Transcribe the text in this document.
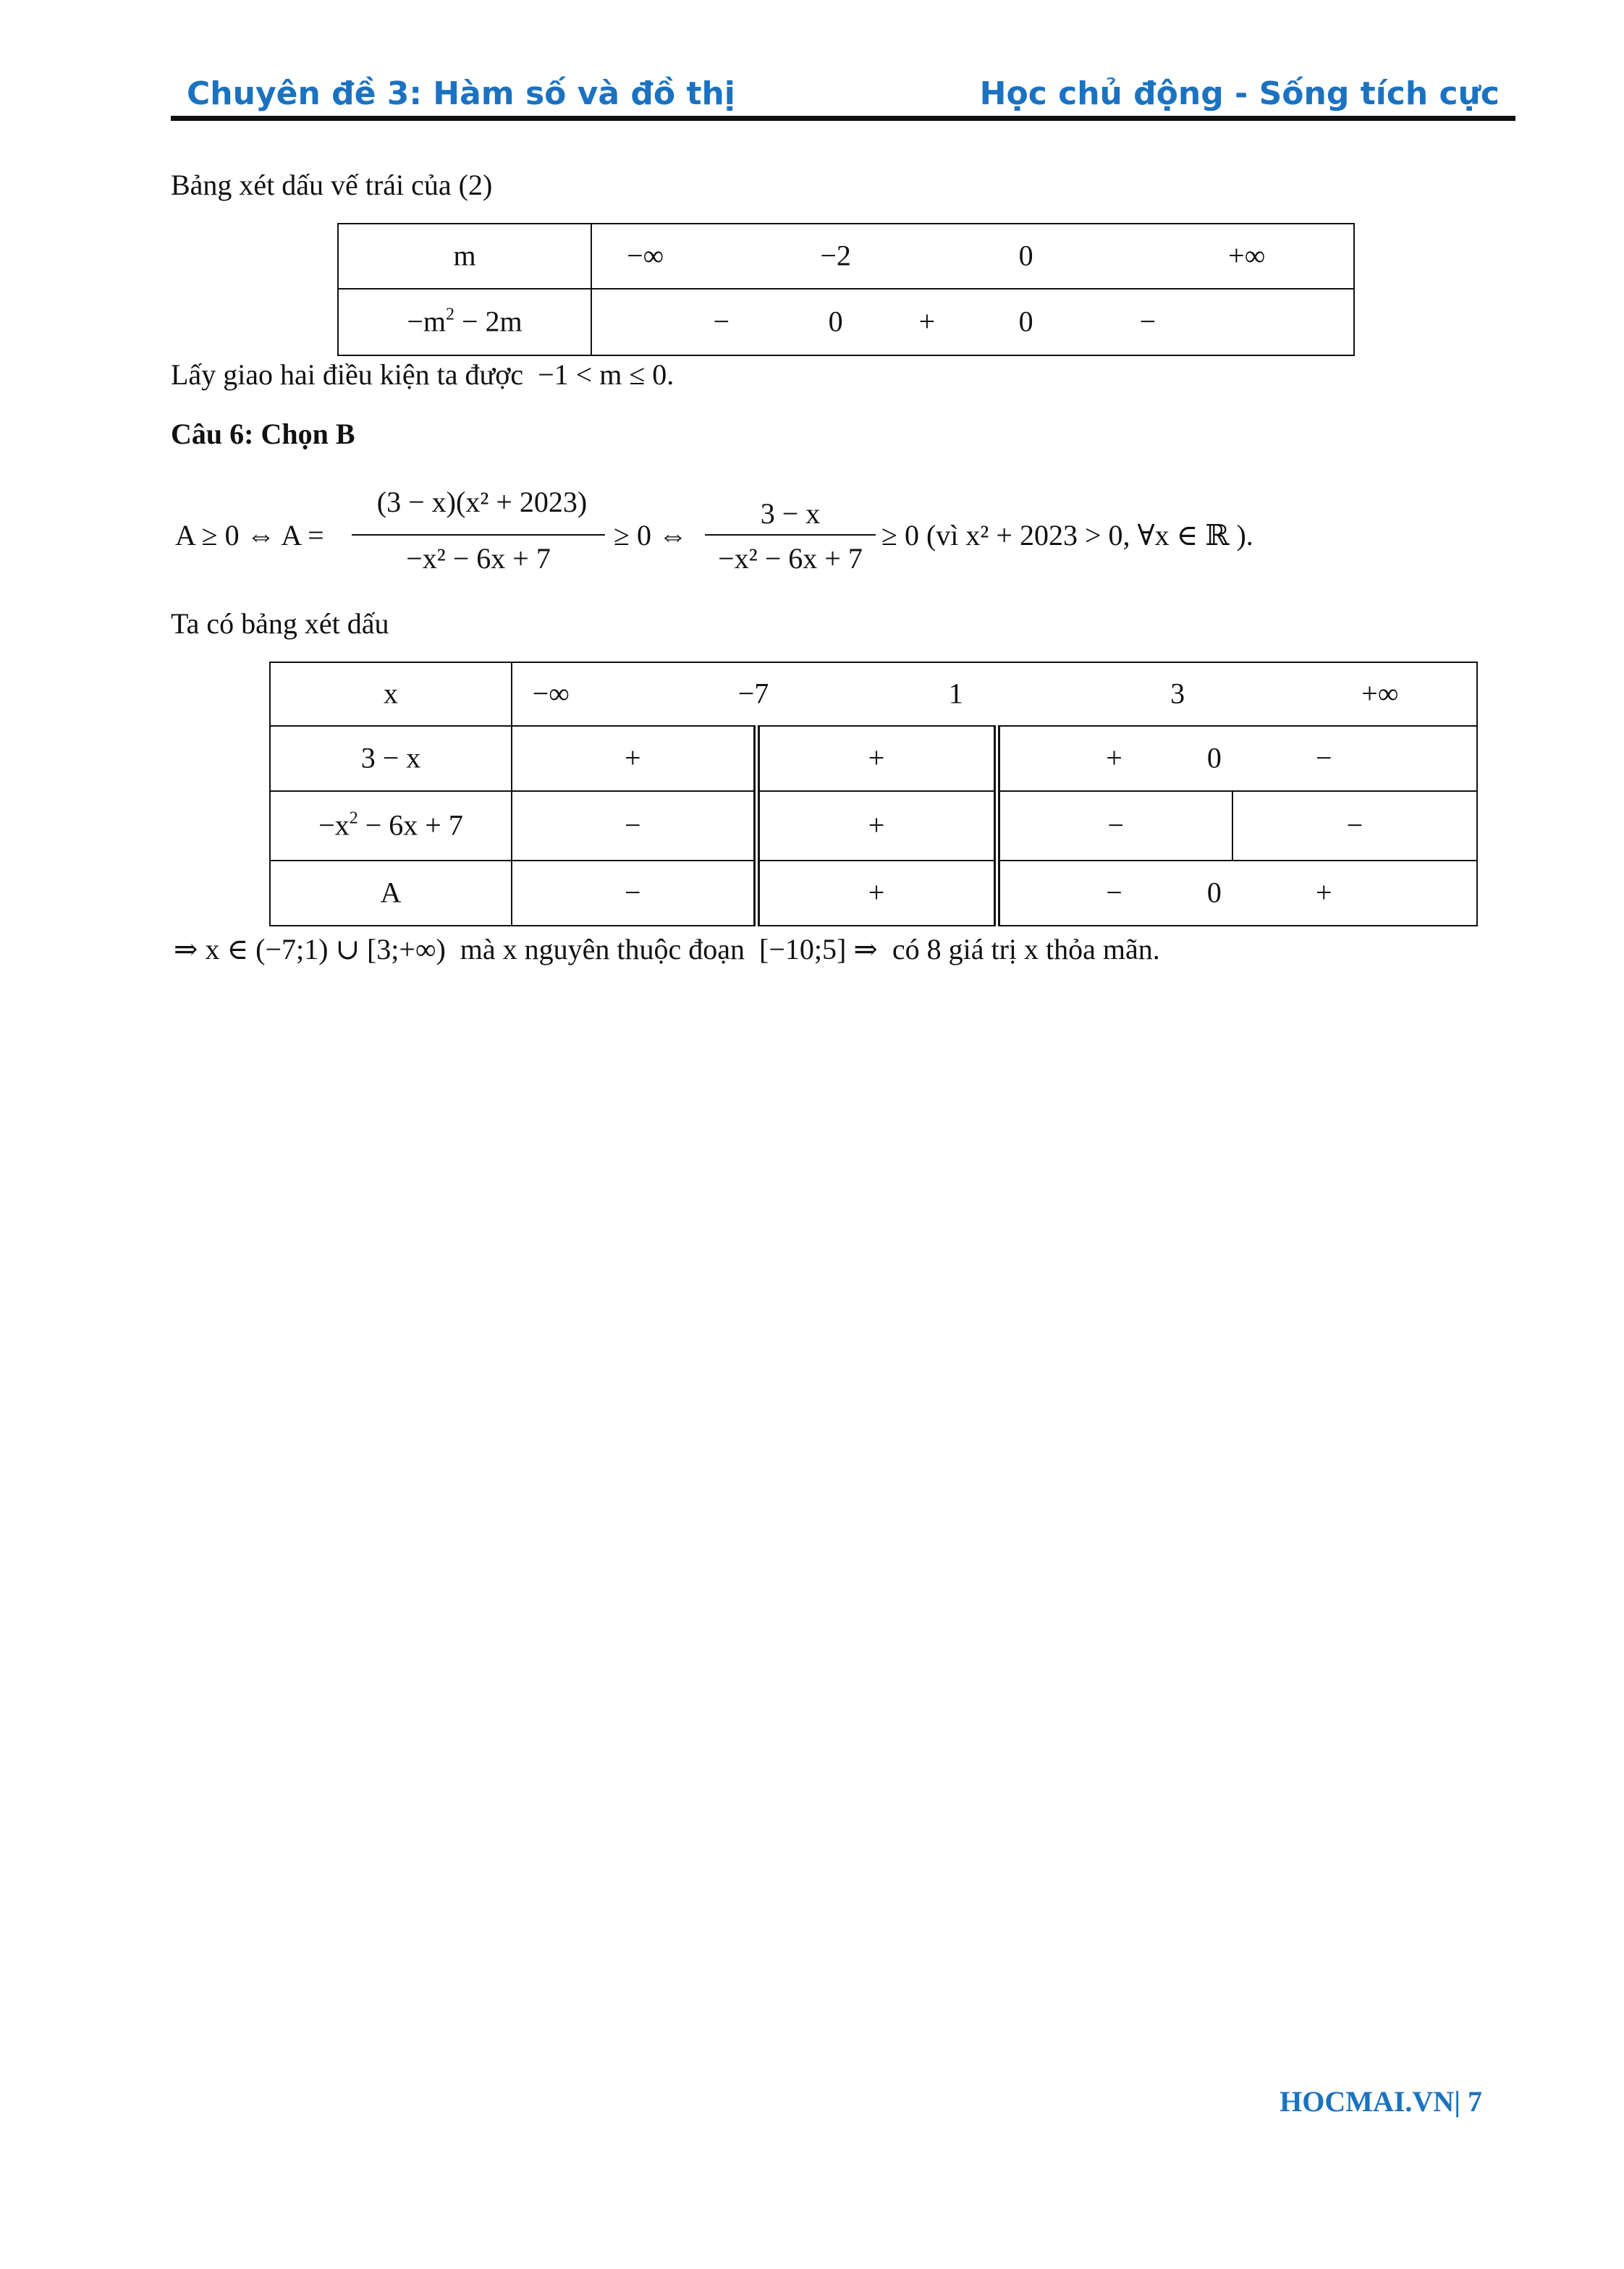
Chuyên đề 3: Hàm số và đồ thị	Học chủ động - Sống tích cực
Bảng xét dấu vế trái của (2)
m	−∞ −2 0 +∞

$-m^2 - 2m$	− 0 + 0 −
Lấy giao hai điều kiện ta được −1 < m ≤ 0.
Câu 6: Chọn B
A ≥ 0 ⇔ A =
(3 − x)(x² + 2023)
−x² − 6x + 7
≥ 0 ⇔
3 − x
−x² − 6x + 7
≥ 0 (vì x² + 2023 > 0, ∀x ∈ ℝ ).
Ta có bảng xét dấu
x	−∞ −7 1 3 +∞			

3 − x	+	+	+ 0 −	

$-x^2 - 6x + 7$	−	+	−	−

A	−	+	− 0 +	
⇒ x ∈ (−7;1) ∪ [3;+∞) mà x nguyên thuộc đoạn [−10;5] ⇒ có 8 giá trị x thỏa mãn.
HOCMAI.VN| 7
